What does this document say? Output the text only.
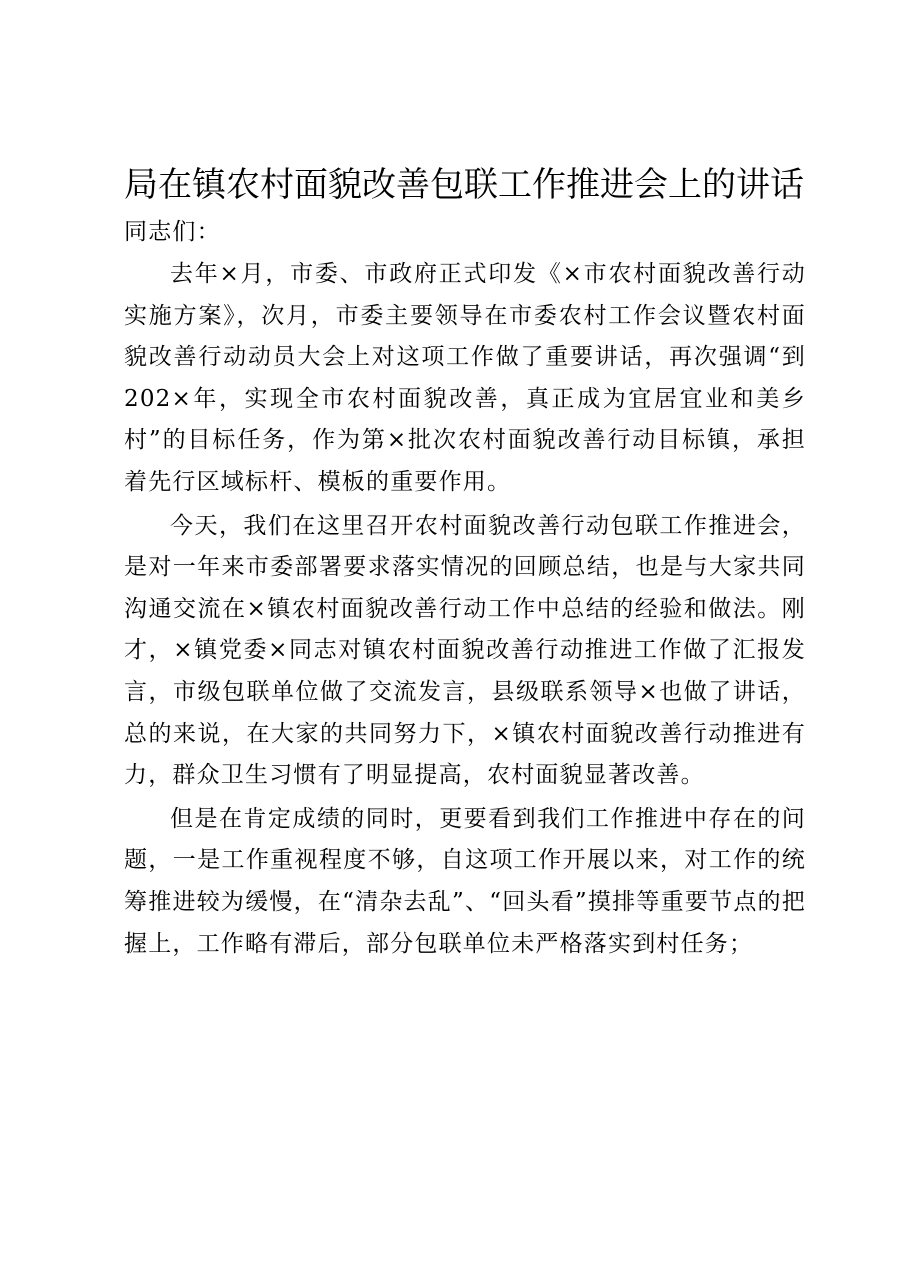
局在镇农村面貌改善包联工作推进会上的讲话

同志们：

去年×月，市委、市政府正式印发《×市农村面貌改善行动实施方案》，次月，市委主要领导在市委农村工作会议暨农村面貌改善行动动员大会上对这项工作做了重要讲话，再次强调“到202×年，实现全市农村面貌改善，真正成为宜居宜业和美乡村”的目标任务，作为第×批次农村面貌改善行动目标镇，承担着先行区域标杆、模板的重要作用。

今天，我们在这里召开农村面貌改善行动包联工作推进会，是对一年来市委部署要求落实情况的回顾总结，也是与大家共同沟通交流在×镇农村面貌改善行动工作中总结的经验和做法。刚才，×镇党委×同志对镇农村面貌改善行动推进工作做了汇报发言，市级包联单位做了交流发言，县级联系领导×也做了讲话，总的来说，在大家的共同努力下，×镇农村面貌改善行动推进有力，群众卫生习惯有了明显提高，农村面貌显著改善。

但是在肯定成绩的同时，更要看到我们工作推进中存在的问题，一是工作重视程度不够，自这项工作开展以来，对工作的统筹推进较为缓慢，在“清杂去乱”、“回头看”摸排等重要节点的把握上，工作略有滞后，部分包联单位未严格落实到村任务；
